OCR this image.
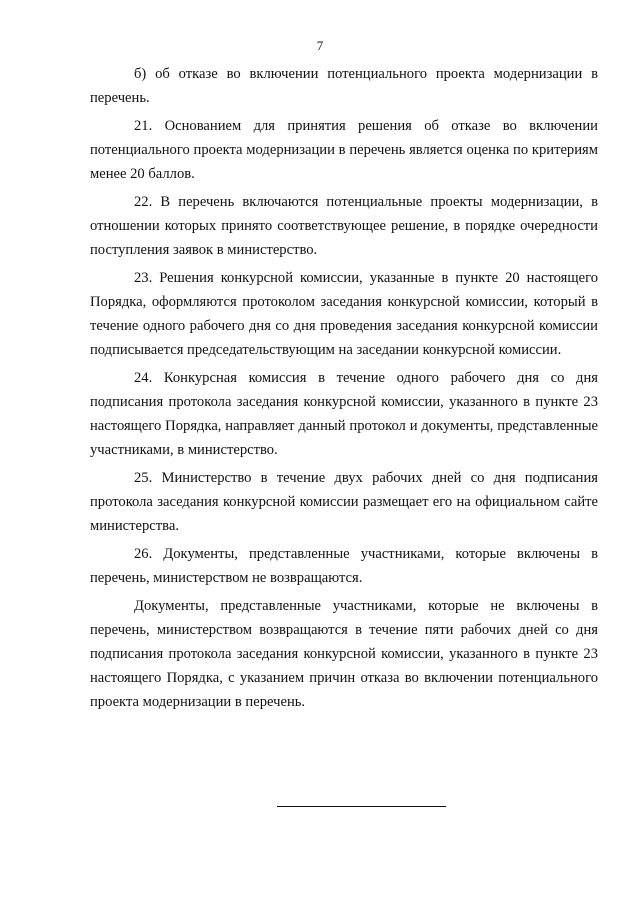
7

б) об отказе во включении потенциального проекта модернизации в перечень.

21. Основанием для принятия решения об отказе во включении потенциального проекта модернизации в перечень является оценка по критериям менее 20 баллов.

22. В перечень включаются потенциальные проекты модернизации, в отношении которых принято соответствующее решение, в порядке очередности поступления заявок в министерство.

23. Решения конкурсной комиссии, указанные в пункте 20 настоящего Порядка, оформляются протоколом заседания конкурсной комиссии, который в течение одного рабочего дня со дня проведения заседания конкурсной комиссии подписывается председательствующим на заседании конкурсной комиссии.

24. Конкурсная комиссия в течение одного рабочего дня со дня подписания протокола заседания конкурсной комиссии, указанного в пункте 23 настоящего Порядка, направляет данный протокол и документы, представленные участниками, в министерство.

25. Министерство в течение двух рабочих дней со дня подписания протокола заседания конкурсной комиссии размещает его на официальном сайте министерства.

26. Документы, представленные участниками, которые включены в перечень, министерством не возвращаются.

Документы, представленные участниками, которые не включены в перечень, министерством возвращаются в течение пяти рабочих дней со дня подписания протокола заседания конкурсной комиссии, указанного в пункте 23 настоящего Порядка, с указанием причин отказа во включении потенциального проекта модернизации в перечень.
